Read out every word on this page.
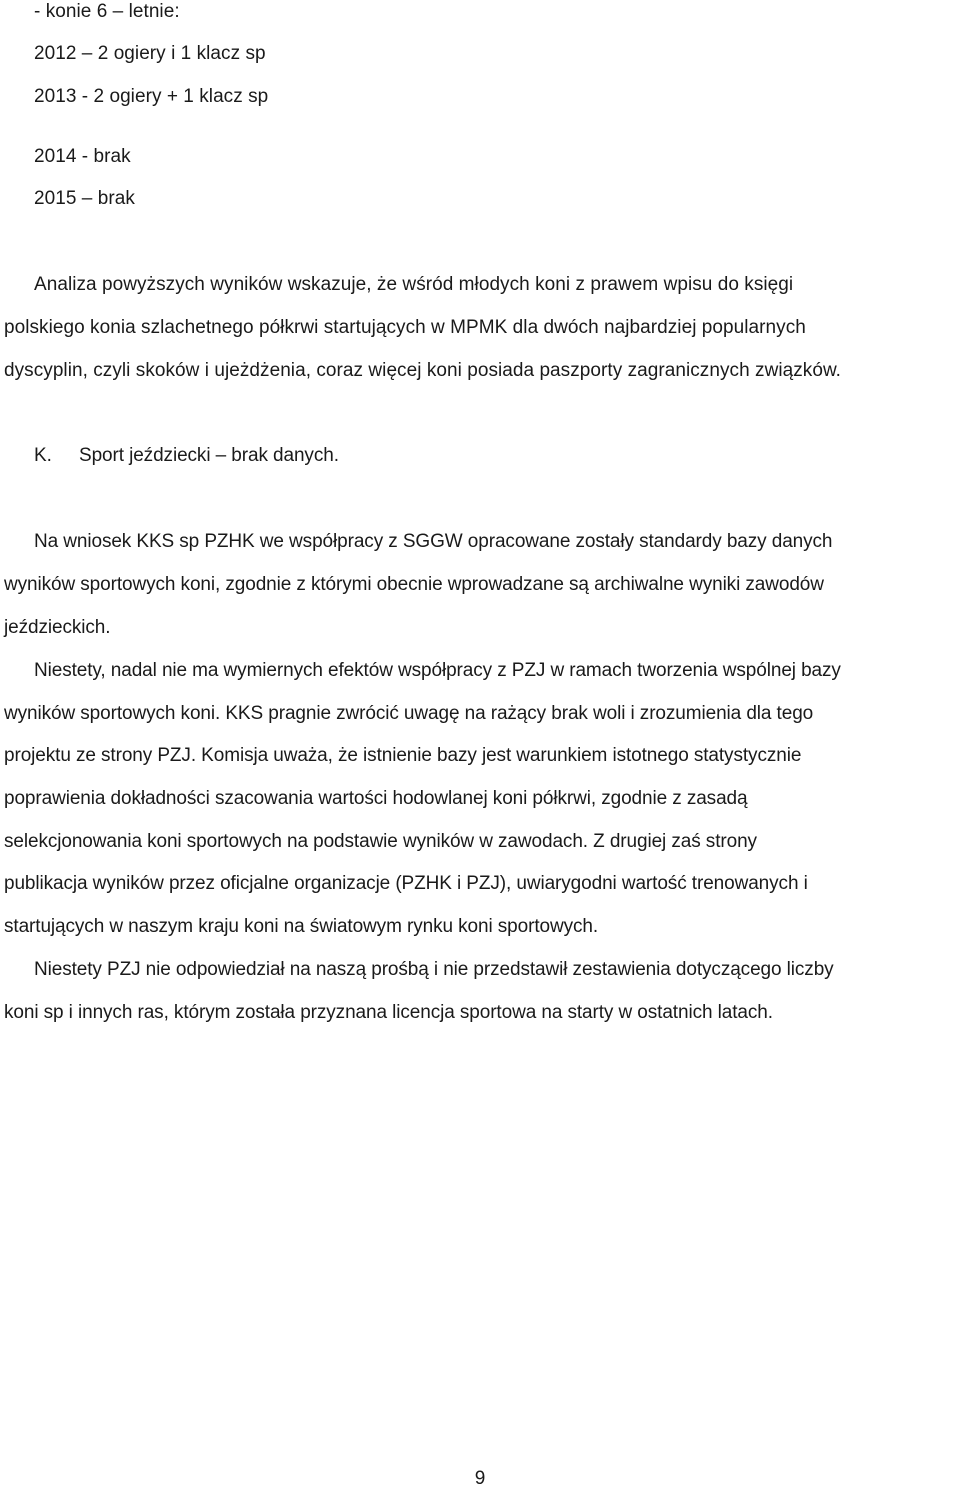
- konie 6 – letnie:
2012 – 2 ogiery i 1 klacz sp
2013 - 2 ogiery + 1 klacz sp
2014 - brak
2015 – brak
Analiza powyższych wyników wskazuje, że wśród młodych koni z prawem wpisu do księgi
polskiego konia szlachetnego półkrwi startujących w MPMK dla dwóch najbardziej popularnych
dyscyplin, czyli skoków i ujeżdżenia, coraz więcej koni posiada paszporty zagranicznych związków.
K. Sport jeździecki – brak danych.
Na wniosek KKS sp PZHK we współpracy z SGGW opracowane zostały standardy bazy danych
wyników sportowych koni, zgodnie z którymi obecnie wprowadzane są archiwalne wyniki zawodów
jeździeckich.
Niestety, nadal nie ma wymiernych efektów współpracy z PZJ w ramach tworzenia wspólnej bazy
wyników sportowych koni. KKS pragnie zwrócić uwagę na rażący brak woli i zrozumienia dla tego
projektu ze strony PZJ. Komisja uważa, że istnienie bazy jest warunkiem istotnego statystycznie
poprawienia dokładności szacowania wartości hodowlanej koni półkrwi, zgodnie z zasadą
selekcjonowania koni sportowych na podstawie wyników w zawodach. Z drugiej zaś strony
publikacja wyników przez oficjalne organizacje (PZHK i PZJ), uwiarygodni wartość trenowanych i
startujących w naszym kraju koni na światowym rynku koni sportowych.
Niestety PZJ nie odpowiedział na naszą prośbą i nie przedstawił zestawienia dotyczącego liczby
koni sp i innych ras, którym została przyznana licencja sportowa na starty w ostatnich latach.
9
